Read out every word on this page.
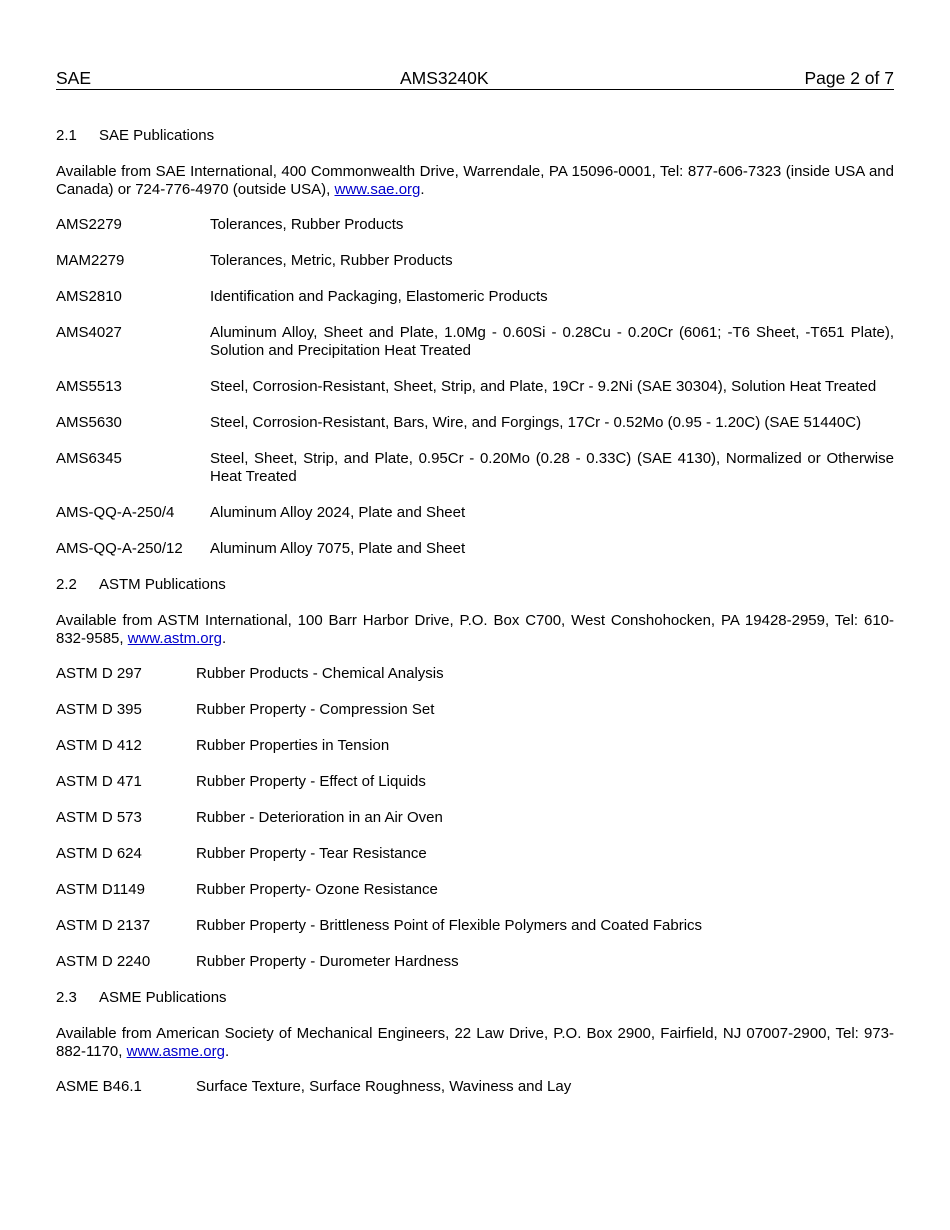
SAE	AMS3240K	Page 2 of 7
2.1	SAE Publications

Available from SAE International, 400 Commonwealth Drive, Warrendale, PA 15096-0001, Tel: 877-606-7323 (inside USA and Canada) or 724-776-4970 (outside USA), www.sae.org.

AMS2279	Tolerances, Rubber Products
MAM2279	Tolerances, Metric, Rubber Products
AMS2810	Identification and Packaging, Elastomeric Products
AMS4027	Aluminum Alloy, Sheet and Plate, 1.0Mg - 0.60Si - 0.28Cu - 0.20Cr (6061; -T6 Sheet, -T651 Plate), Solution and Precipitation Heat Treated
AMS5513	Steel, Corrosion-Resistant, Sheet, Strip, and Plate, 19Cr - 9.2Ni (SAE 30304), Solution Heat Treated
AMS5630	Steel, Corrosion-Resistant, Bars, Wire, and Forgings, 17Cr - 0.52Mo (0.95 - 1.20C) (SAE 51440C)
AMS6345	Steel, Sheet, Strip, and Plate, 0.95Cr - 0.20Mo (0.28 - 0.33C) (SAE 4130), Normalized or Otherwise Heat Treated
AMS-QQ-A-250/4	Aluminum Alloy 2024, Plate and Sheet
AMS-QQ-A-250/12	Aluminum Alloy 7075, Plate and Sheet
2.2	ASTM Publications

Available from ASTM International, 100 Barr Harbor Drive, P.O. Box C700, West Conshohocken, PA 19428-2959, Tel: 610-832-9585, www.astm.org.

ASTM D 297	Rubber Products - Chemical Analysis
ASTM D 395	Rubber Property - Compression Set
ASTM D 412	Rubber Properties in Tension
ASTM D 471	Rubber Property - Effect of Liquids
ASTM D 573	Rubber - Deterioration in an Air Oven
ASTM D 624	Rubber Property - Tear Resistance
ASTM D1149	Rubber Property- Ozone Resistance
ASTM D 2137	Rubber Property - Brittleness Point of Flexible Polymers and Coated Fabrics
ASTM D 2240	Rubber Property - Durometer Hardness
2.3	ASME Publications

Available from American Society of Mechanical Engineers, 22 Law Drive, P.O. Box 2900, Fairfield, NJ 07007-2900, Tel: 973-882-1170, www.asme.org.

ASME B46.1	Surface Texture, Surface Roughness, Waviness and Lay
